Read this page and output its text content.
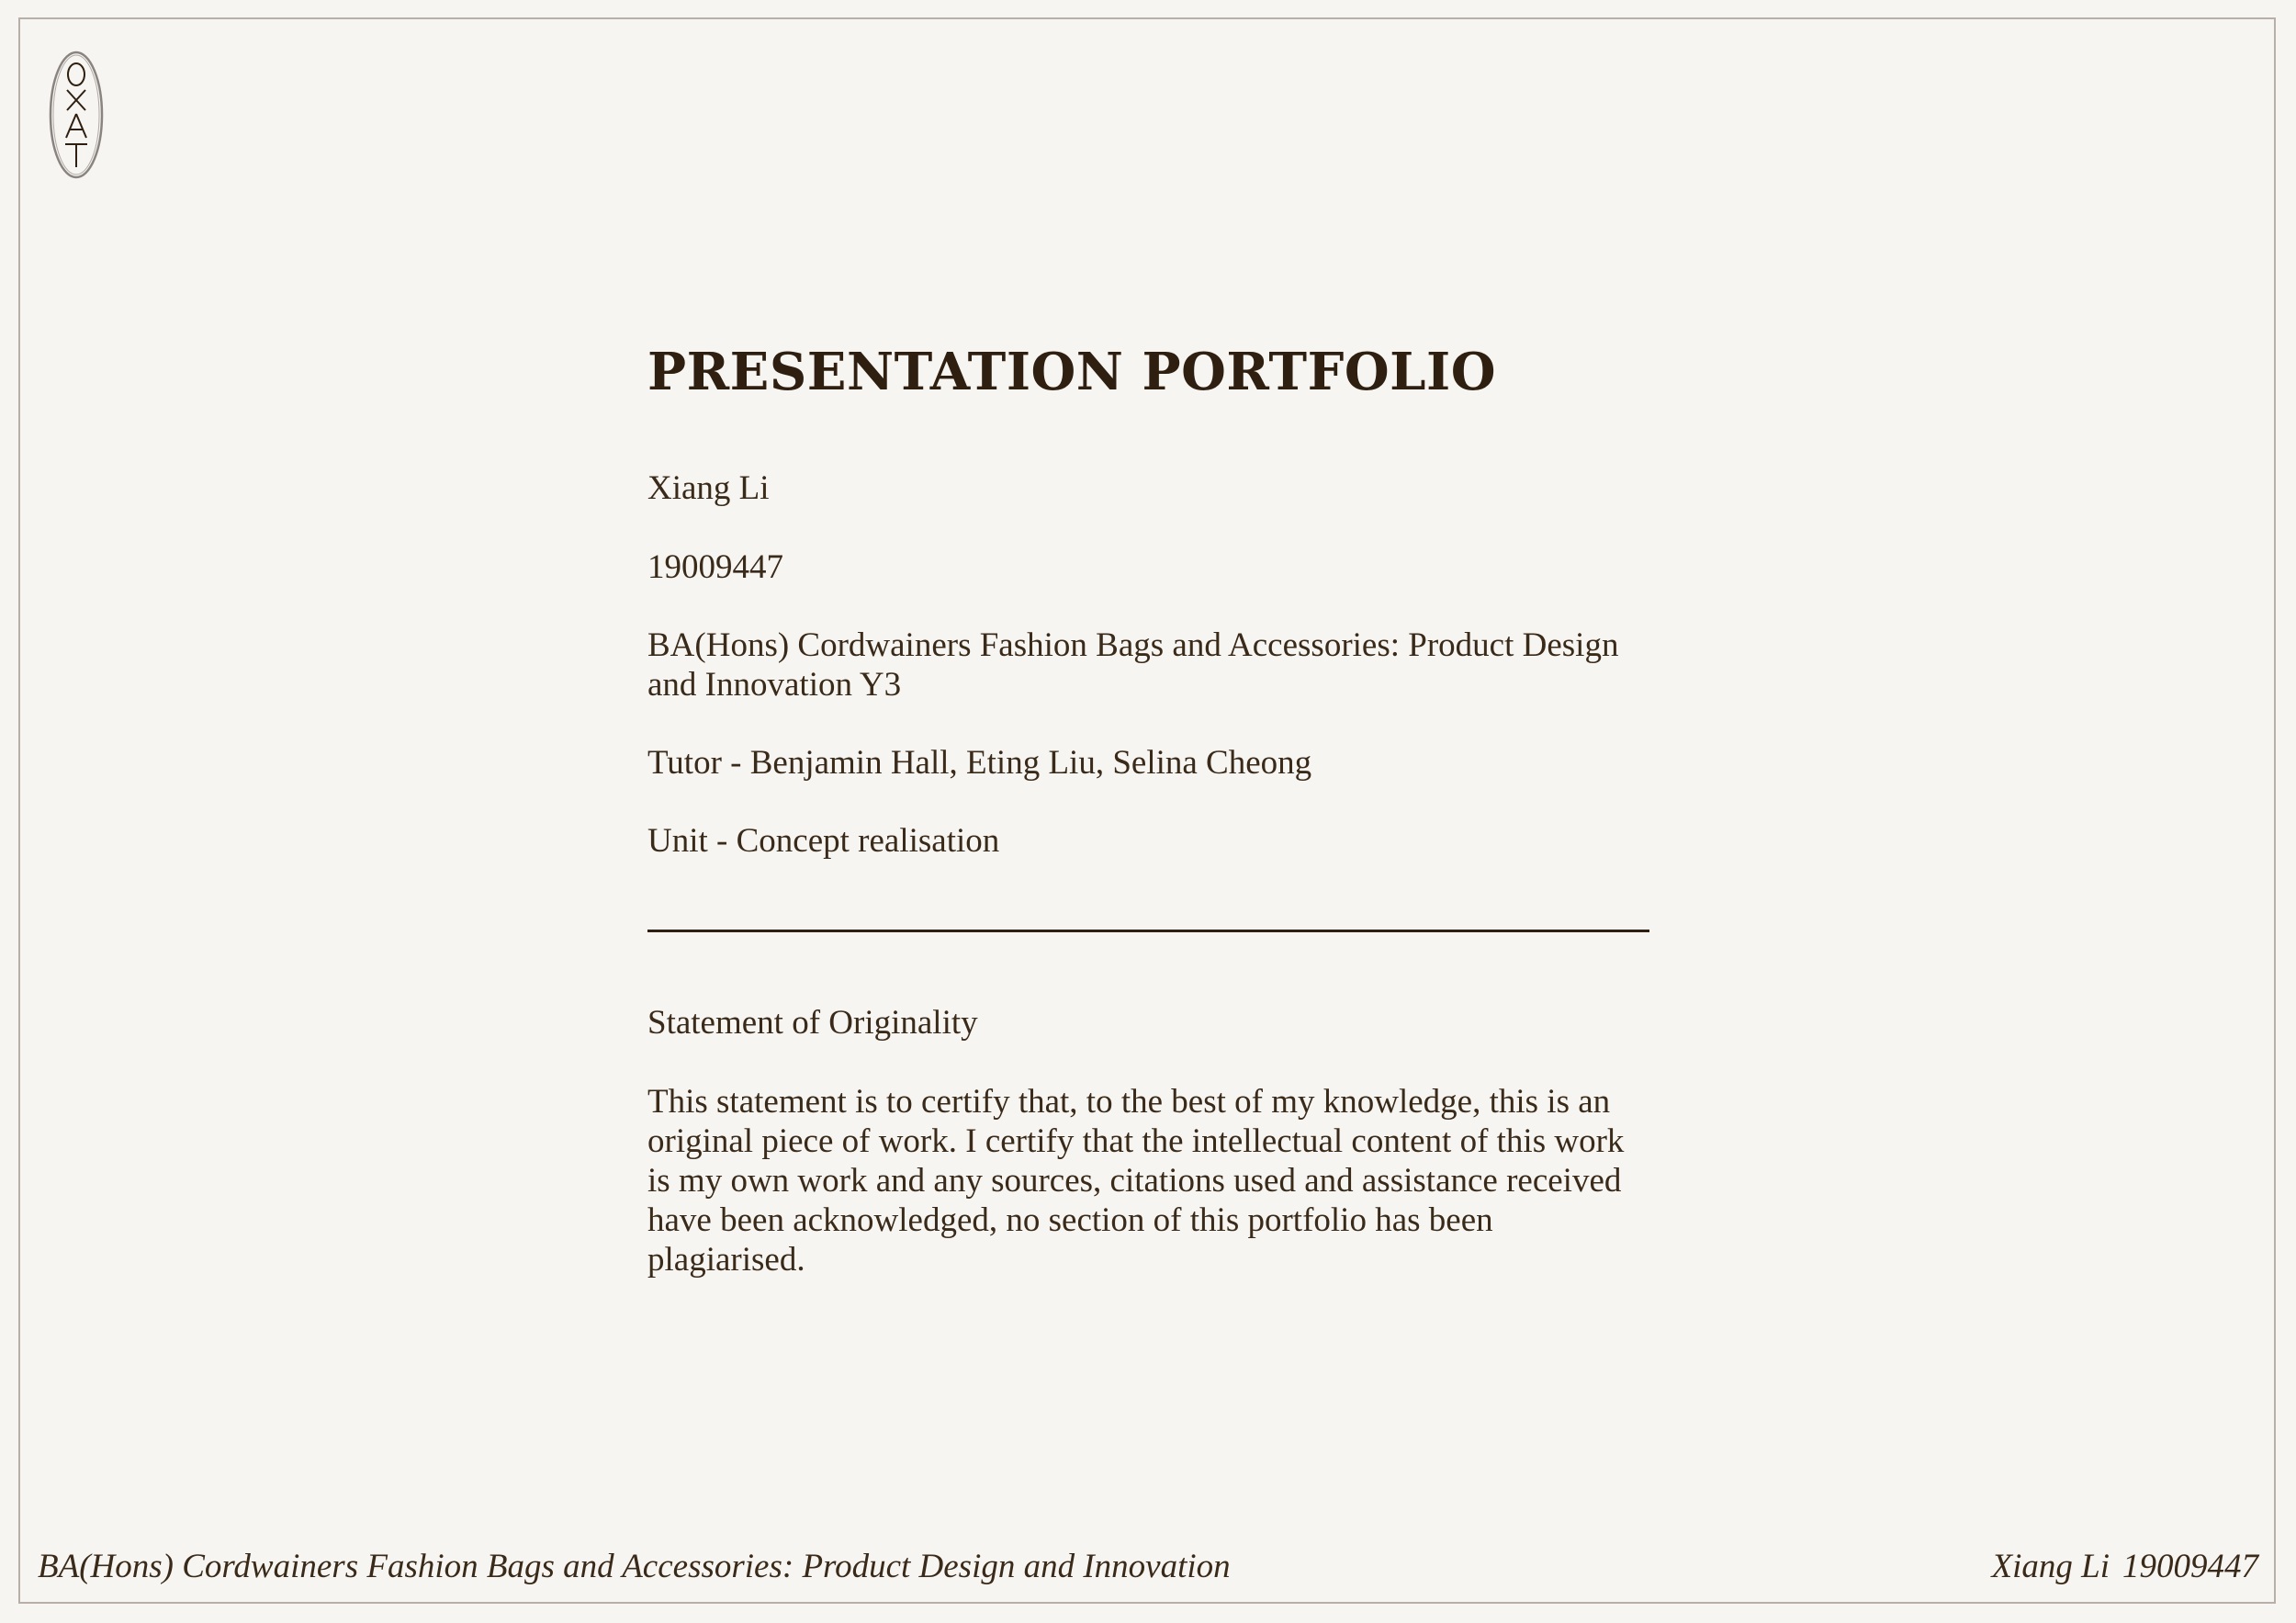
PRESENTATION PORTFOLIO

Xiang Li

19009447

BA(Hons) Cordwainers Fashion Bags and Accessories: Product Design and Innovation Y3

Tutor - Benjamin Hall, Eting Liu, Selina Cheong

Unit - Concept realisation

Statement of Originality

This statement is to certify that, to the best of my knowledge, this is an original piece of work. I certify that the intellectual content of this work is my own work and any sources, citations used and assistance received have been acknowledged, no section of this portfolio has been plagiarised.

BA(Hons) Cordwainers Fashion Bags and Accessories: Product Design and Innovation	Xiang Li 19009447
